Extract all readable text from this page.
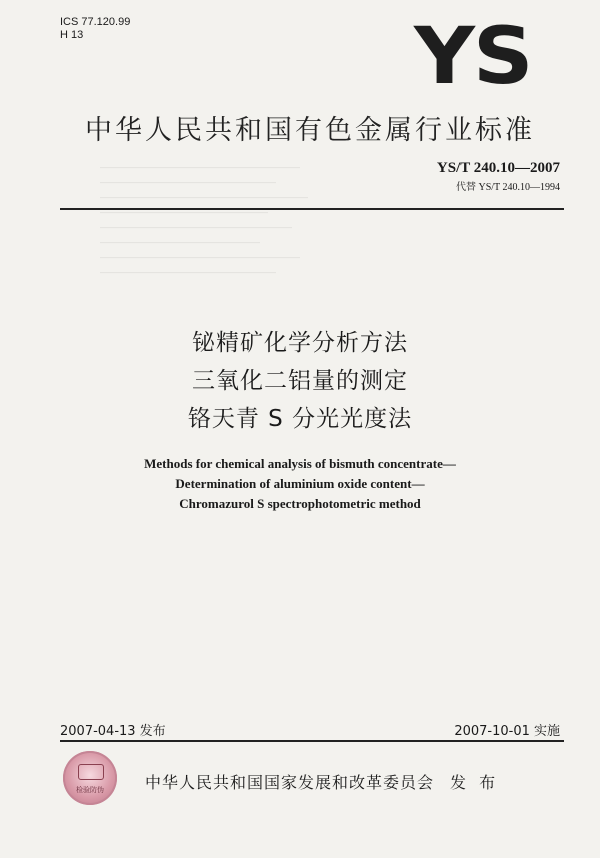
ICS 77.120.99
H 13	YS
中华人民共和国有色金属行业标准
YS/T 240.10—2007
代替 YS/T 240.10—1994
―――――――――――――――――――――――――
――――――――――――――――――――――
――――――――――――――――――――――――――
―――――――――――――――――――――
――――――――――――――――――――――――
――――――――――――――――――――
―――――――――――――――――――――――――
――――――――――――――――――――――
铋精矿化学分析方法
三氧化二铝量的测定
铬天青 S 分光光度法
Methods for chemical analysis of bismuth concentrate—
Determination of aluminium oxide content—
Chromazurol S spectrophotometric method
2007-04-13 发布	2007-10-01 实施
检验防伪	中华人民共和国国家发展和改革委员会 发 布
